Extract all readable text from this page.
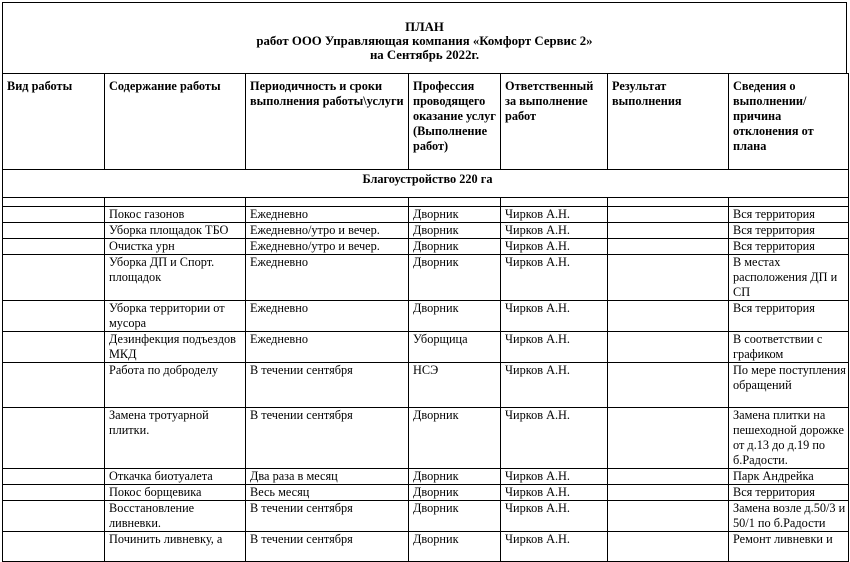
ПЛАН
работ ООО Управляющая компания «Комфорт Сервис 2»
на Сентябрь 2022г.
Вид работы	Содержание работы	Периодичность и сроки выполнения работы\услуги	Профессия проводящего оказание услуг (Выполнение работ)	Ответственный за выполнение работ	Результат выполнения	Сведения о выполнении/ причина отклонения от плана
Благоустройство 220 га						

	Покос газонов	Ежедневно	Дворник	Чирков А.Н.		Вся территория
	Уборка площадок ТБО	Ежедневно/утро и вечер.	Дворник	Чирков А.Н.		Вся территория
	Очистка урн	Ежедневно/утро и вечер.	Дворник	Чирков А.Н.		Вся территория
	Уборка ДП и Спорт. площадок	Ежедневно	Дворник	Чирков А.Н.		В местах расположения ДП и СП
	Уборка территории от мусора	Ежедневно	Дворник	Чирков А.Н.		Вся территория
	Дезинфекция подъездов МКД	Ежедневно	Уборщица	Чирков А.Н.		В соответствии с графиком
	Работа по доброделу	В течении сентября	НСЭ	Чирков А.Н.		По мере поступления обращений
	Замена тротуарной плитки.	В течении сентября	Дворник	Чирков А.Н.		Замена плитки на пешеходной дорожке от д.13 до д.19 по б.Радости.
	Откачка биотуалета	Два раза в месяц	Дворник	Чирков А.Н.		Парк Андрейка
	Покос борщевика	Весь месяц	Дворник	Чирков А.Н.		Вся территория
	Восстановление ливневки.	В течении сентября	Дворник	Чирков А.Н.		Замена возле д.50/3 и 50/1 по б.Радости
	Починить ливневку, а	В течении сентября	Дворник	Чирков А.Н.		Ремонт ливневки и
